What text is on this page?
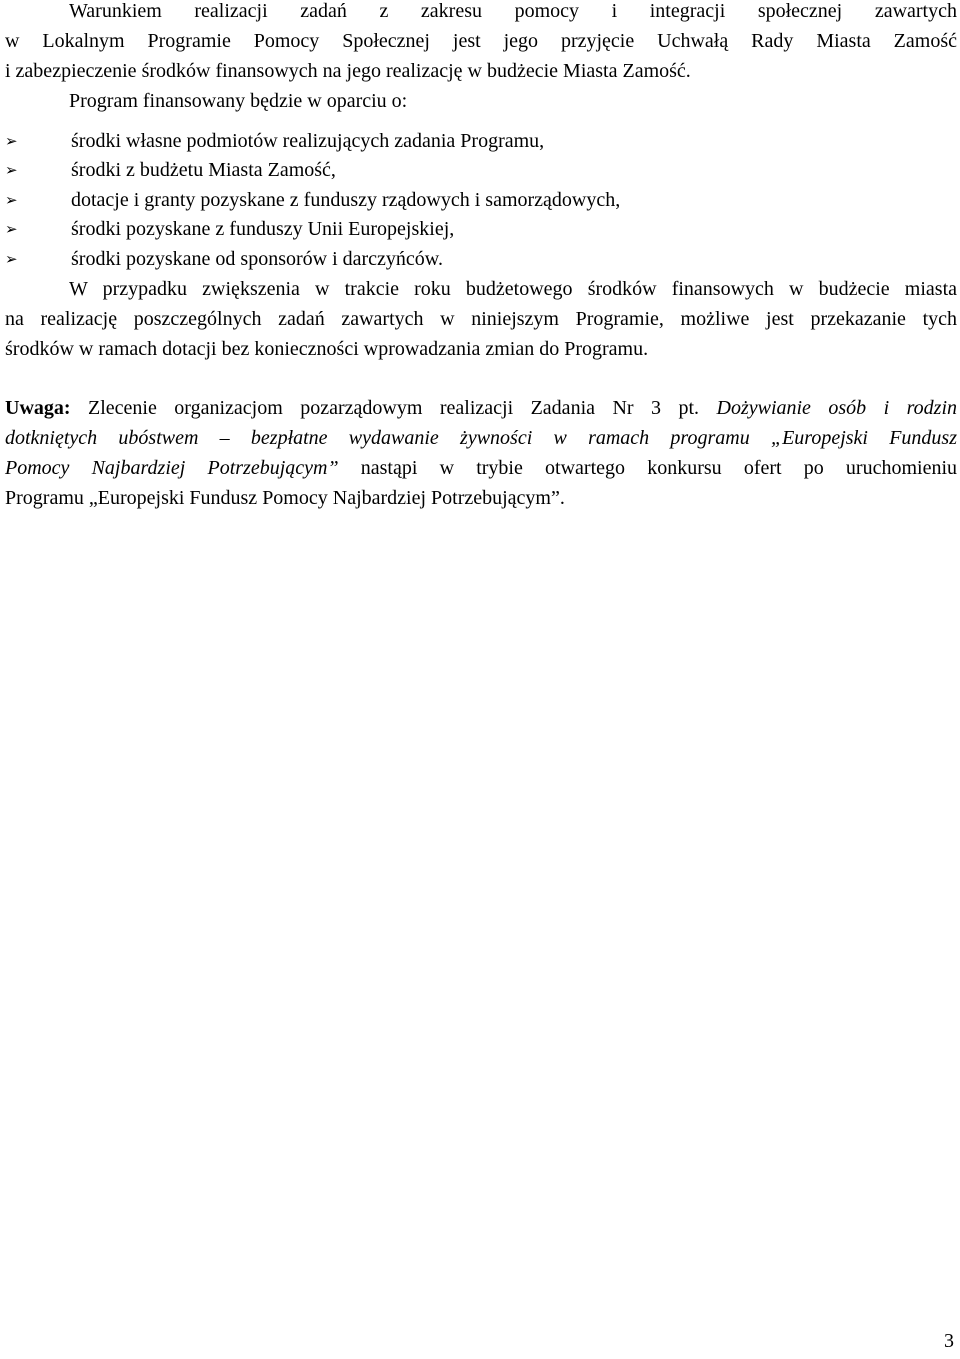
Warunkiem realizacji zadań z zakresu pomocy i integracji społecznej zawartych
w Lokalnym Programie Pomocy Społecznej jest jego przyjęcie Uchwałą Rady Miasta Zamość
i zabezpieczenie środków finansowych na jego realizację w budżecie Miasta Zamość.
Program finansowany będzie w oparciu o:
➢	środki własne podmiotów realizujących zadania Programu,
➢	środki z budżetu Miasta Zamość,
➢	dotacje i granty pozyskane z funduszy rządowych i samorządowych,
➢	środki pozyskane z funduszy Unii Europejskiej,
➢	środki pozyskane od sponsorów i darczyńców.
W przypadku zwiększenia w trakcie roku budżetowego środków finansowych w budżecie miasta
na realizację poszczególnych zadań zawartych w niniejszym Programie, możliwe jest przekazanie tych
środków w ramach dotacji bez konieczności wprowadzania zmian do Programu.
Uwaga: Zlecenie organizacjom pozarządowym realizacji Zadania Nr 3 pt. Dożywianie osób i rodzin
dotkniętych ubóstwem – bezpłatne wydawanie żywności w ramach programu „Europejski Fundusz
Pomocy Najbardziej Potrzebującym” nastąpi w trybie otwartego konkursu ofert po uruchomieniu
Programu „Europejski Fundusz Pomocy Najbardziej Potrzebującym”.
3
